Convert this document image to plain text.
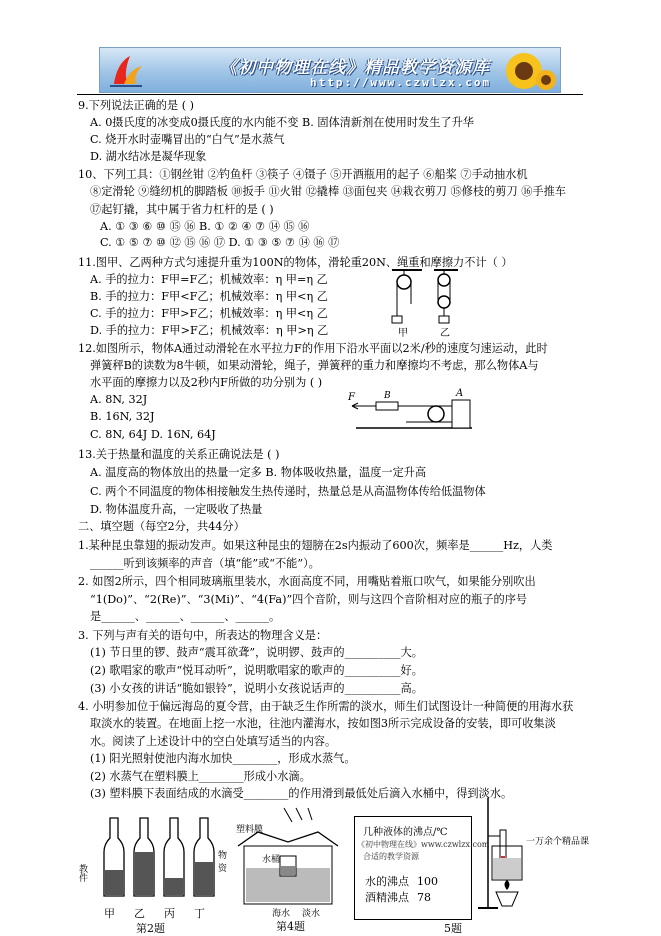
《初中物理在线》精品教学资源库
http://www.czwlzx.com
9.下列说法正确的是 ( )
A. 0摄氏度的冰变成0摄氏度的水内能不变 B. 固体清新剂在使用时发生了升华
C. 烧开水时壶嘴冒出的“白气”是水蒸气
D. 湖水结冰是凝华现象
10、下列工具：①钢丝钳 ②钓鱼杆 ③筷子 ④镊子 ⑤开酒瓶用的起子 ⑥船桨 ⑦手动抽水机
⑧定滑轮 ⑨缝纫机的脚踏板 ⑩扳手 ⑪火钳 ⑫撬棒 ⑬面包夹 ⑭栽衣剪刀 ⑮修枝的剪刀 ⑯手推车
⑰起钉撬，其中属于省力杠杆的是 ( )
A. ① ③ ⑥ ⑩ ⑮ ⑯ B. ① ② ④ ⑦ ⑭ ⑮ ⑯
C. ① ⑤ ⑦ ⑩ ⑫ ⑮ ⑯ ⑰ D. ① ③ ⑤ ⑦ ⑭ ⑯ ⑰
11.图甲、乙两种方式匀速提升重为100N的物体，滑轮重20N、绳重和摩擦力不计（ ）
A. 手的拉力：F甲=F乙；机械效率：η 甲=η 乙
B. 手的拉力：F甲<F乙；机械效率：η 甲<η 乙
C. 手的拉力：F甲>F乙；机械效率：η 甲<η 乙
D. 手的拉力：F甲>F乙；机械效率：η 甲>η 乙
12.如图所示，物体A通过动滑轮在水平拉力F的作用下沿水平面以2米/秒的速度匀速运动，此时
弹簧秤B的读数为8牛顿，如果动滑轮，绳子，弹簧秤的重力和摩擦均不考虑，那么物体A与
水平面的摩擦力以及2秒内F所做的功分别为 ( )
A. 8N, 32J
B. 16N, 32J
C. 8N, 64J D. 16N, 64J
13.关于热量和温度的关系正确说法是 ( )
A. 温度高的物体放出的热量一定多 B. 物体吸收热量，温度一定升高
C. 两个不同温度的物体相接触发生热传递时，热量总是从高温物体传给低温物体
D. 物体温度升高，一定吸收了热量
二、填空题（每空2分，共44分）
1.某种昆虫靠翅的振动发声。如果这种昆虫的翅膀在2s内振动了600次，频率是______Hz，人类
______听到该频率的声音（填“能”或“不能”）。
2. 如图2所示，四个相同玻璃瓶里装水，水面高度不同，用嘴贴着瓶口吹气，如果能分别吹出
“1(Do)”、“2(Re)”、“3(Mi)”、“4(Fa)”四个音阶，则与这四个音阶相对应的瓶子的序号
是______、______、______、______。
3. 下列与声有关的语句中，所表达的物理含义是：
(1) 节日里的锣、鼓声“震耳欲聋”，说明锣、鼓声的__________大。
(2) 歌唱家的歌声“悦耳动听”，说明歌唱家的歌声的__________好。
(3) 小女孩的讲话“脆如银铃”，说明小女孩说话声的__________高。
4. 小明参加位于偏远海岛的夏令营，由于缺乏生作所需的淡水，师生们试图设计一种简便的用海水获
取淡水的装置。在地面上挖一水池，往池内灌海水，按如图3所示完成设备的安装，即可收集淡
水。阅读了上述设计中的空白处填写适当的内容。
(1) 阳光照射使池内海水加快________，形成水蒸气。
(2) 水蒸气在塑料膜上________形成小水滴。
(3) 塑料膜下表面结成的水滴受________的作用滑到最低处后滴入水桶中，得到淡水。
甲	乙
F	B	A
教件
甲 乙 丙 丁
物资
第2题
塑料膜
水桶
海水 淡水
第4题
几种液体的沸点/℃
《初中物理在线》www.czwlzx.com
合适的教学资源
水的沸点	100
酒精沸点	78
5题
一万余个精品课
